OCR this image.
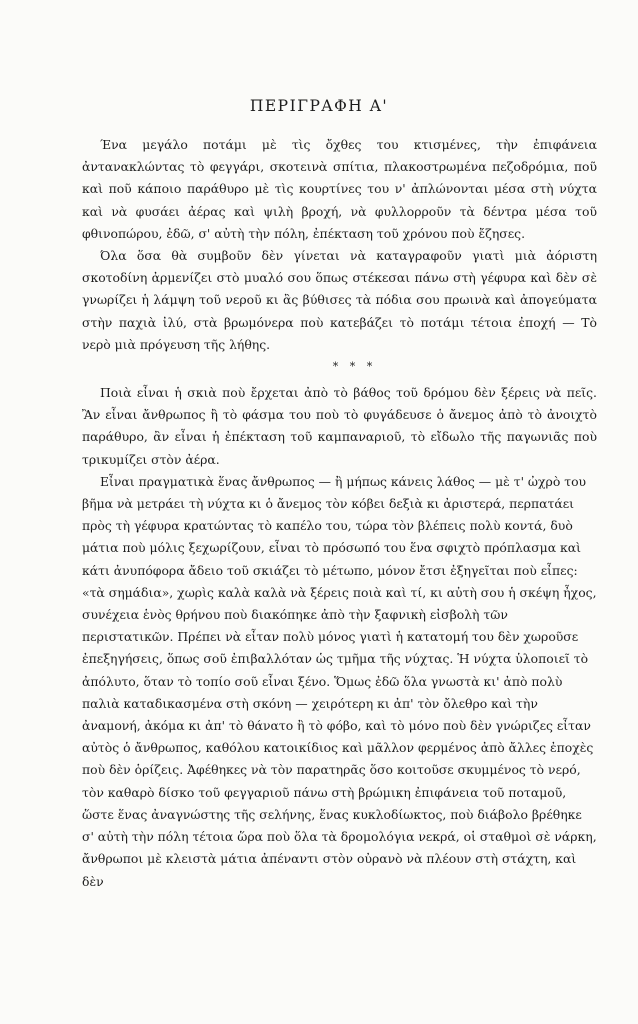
ΠΕΡΙΓΡΑΦΗ Α'

Ένα μεγάλο ποτάμι μὲ τὶς ὄχθες του κτισμένες, τὴν ἐπιφάνεια ἀντανακλώντας τὸ φεγγάρι, σκοτεινὰ σπίτια, πλακοστρωμένα πεζοδρόμια, ποῦ καὶ ποῦ κάποιο παράθυρο μὲ τὶς κουρτίνες του ν' ἀπλώνονται μέσα στὴ νύχτα καὶ νὰ φυσάει ἀέρας καὶ ψιλὴ βροχή, νὰ φυλλορροῦν τὰ δέντρα μέσα τοῦ φθινοπώρου, ἐδῶ, σ' αὐτὴ τὴν πόλη, ἐπέκταση τοῦ χρόνου ποὺ ἔζησες.

Όλα ὅσα θὰ συμβοῦν δὲν γίνεται νὰ καταγραφοῦν γιατὶ μιὰ ἀόριστη σκοτοδίνη ἀρμενίζει στὸ μυαλό σου ὅπως στέκεσαι πάνω στὴ γέφυρα καὶ δὲν σὲ γνωρίζει ἡ λάμψη τοῦ νεροῦ κι ἂς βύθισες τὰ πόδια σου πρωινὰ καὶ ἀπογεύματα στὴν παχιὰ ἰλύ, στὰ βρωμόνερα ποὺ κατεβάζει τὸ ποτάμι τέτοια ἐποχή — Τὸ νερὸ μιὰ πρόγευση τῆς λήθης.

* * *

Ποιὰ εἶναι ἡ σκιὰ ποὺ ἔρχεται ἀπὸ τὸ βάθος τοῦ δρόμου δὲν ξέρεις νὰ πεῖς. Ἂν εἶναι ἄνθρωπος ἢ τὸ φάσμα του ποὺ τὸ φυγάδευσε ὁ ἄνεμος ἀπὸ τὸ ἀνοιχτὸ παράθυρο, ἂν εἶναι ἡ ἐπέκταση τοῦ καμπαναριοῦ, τὸ εἴδωλο τῆς παγωνιᾶς ποὺ τρικυμίζει στὸν ἀέρα.

Εἶναι πραγματικὰ ἕνας ἄνθρωπος — ἢ μήπως κάνεις λάθος — μὲ τ' ὠχρὸ του βῆμα νὰ μετράει τὴ νύχτα κι ὁ ἄνεμος τὸν κόβει δεξιὰ κι ἀριστερά, περπατάει πρὸς τὴ γέφυρα κρατώντας τὸ καπέλο του, τώρα τὸν βλέπεις πολὺ κοντά, δυὸ μάτια ποὺ μόλις ξεχωρίζουν, εἶναι τὸ πρόσωπό του ἕνα σφιχτὸ πρόπλασμα καὶ κάτι ἀνυπόφορα ἄδειο τοῦ σκιάζει τὸ μέτωπο, μόνον ἔτσι ἐξηγεῖται ποὺ εἶπες: «τὰ σημάδια», χωρὶς καλὰ καλὰ νὰ ξέρεις ποιὰ καὶ τί, κι αὐτὴ σου ἡ σκέψη ἦχος, συνέχεια ἑνὸς θρήνου ποὺ διακόπηκε ἀπὸ τὴν ξαφνικὴ εἰσβολὴ τῶν περιστατικῶν. Πρέπει νὰ εἶταν πολὺ μόνος γιατὶ ἡ κατατομή του δὲν χωροῦσε ἐπεξηγήσεις, ὅπως σοῦ ἐπιβαλλόταν ὡς τμῆμα τῆς νύχτας. Ἡ νύχτα ὑλοποιεῖ τὸ ἀπόλυτο, ὅταν τὸ τοπίο σοῦ εἶναι ξένο. Ὅμως ἐδῶ ὅλα γνωστὰ κι' ἀπὸ πολὺ παλιὰ καταδικασμένα στὴ σκόνη — χειρότερη κι ἀπ' τὸν ὄλεθρο καὶ τὴν ἀναμονή, ἀκόμα κι ἀπ' τὸ θάνατο ἢ τὸ φόβο, καὶ τὸ μόνο ποὺ δὲν γνώριζες εἶταν αὐτὸς ὁ ἄνθρωπος, καθόλου κατοικίδιος καὶ μᾶλλον φερμένος ἀπὸ ἄλλες ἐποχὲς ποὺ δὲν ὁρίζεις. Ἀφέθηκες νὰ τὸν παρατηρᾶς ὅσο κοιτοῦσε σκυμμένος τὸ νερό, τὸν καθαρὸ δίσκο τοῦ φεγγαριοῦ πάνω στὴ βρώμικη ἐπιφάνεια τοῦ ποταμοῦ, ὥστε ἕνας ἀναγνώστης τῆς σελήνης, ἕνας κυκλοδίωκτος, ποὺ διάβολο βρέθηκε σ' αὐτὴ τὴν πόλη τέτοια ὥρα ποὺ ὅλα τὰ δρομολόγια νεκρά, οἱ σταθμοὶ σὲ νάρκη, ἄνθρωποι μὲ κλειστὰ μάτια ἀπέναντι στὸν οὐρανὸ νὰ πλέουν στὴ στάχτη, καὶ δὲν
